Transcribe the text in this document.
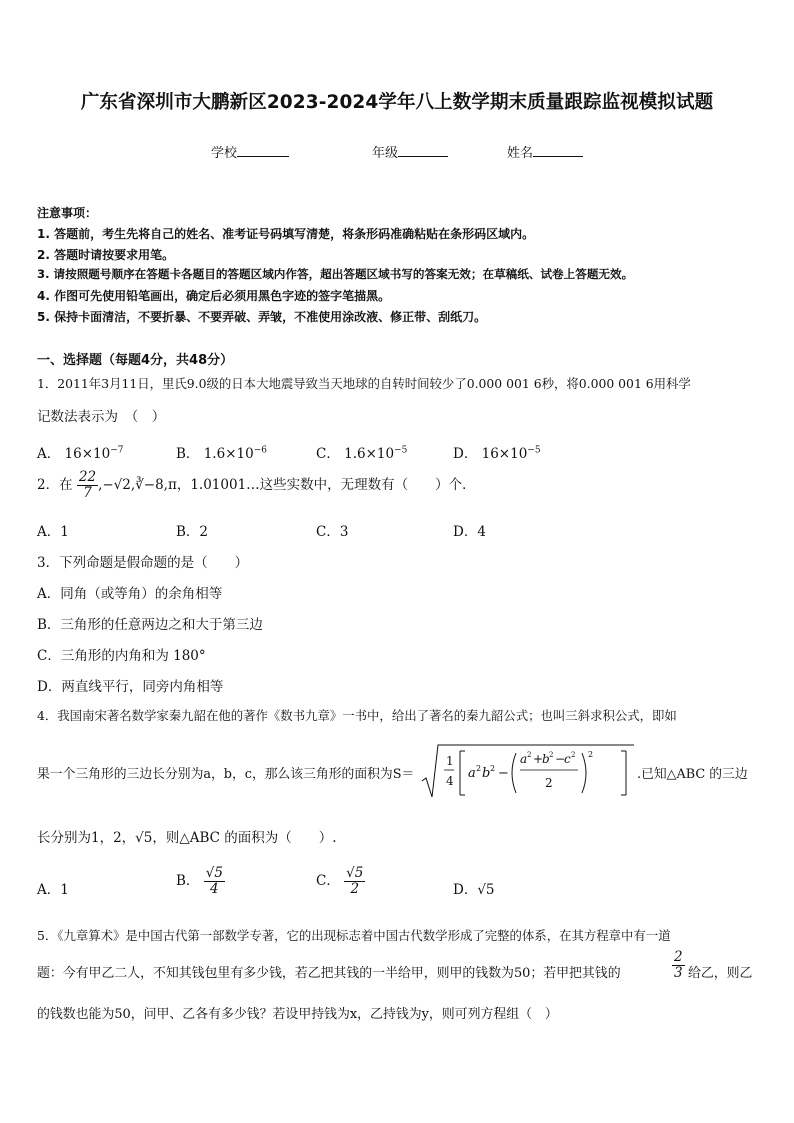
广东省深圳市大鹏新区2023-2024学年八上数学期末质量跟踪监视模拟试题
学校	年级	姓名
注意事项：
1. 答题前，考生先将自己的姓名、准考证号码填写清楚，将条形码准确粘贴在条形码区域内。
2. 答题时请按要求用笔。
3. 请按照题号顺序在答题卡各题目的答题区域内作答，超出答题区域书写的答案无效；在草稿纸、试卷上答题无效。
4. 作图可先使用铅笔画出，确定后必须用黑色字迹的签字笔描黑。
5. 保持卡面清洁，不要折暴、不要弄破、弄皱，不准使用涂改液、修正带、刮纸刀。
一、选择题（每题4分，共48分）
1．2011年3月11日，里氏9.0级的日本大地震导致当天地球的自转时间较少了0.000 001 6秒，将0.000 001 6用科学
记数法表示为　（　）
A． $16\times 10^{-7}$	B． $1.6\times 10^{-6}$	C． $1.6\times 10^{-5}$	D． $16\times 10^{-5}$
2．在 $\frac{22}{7}$ ,−√2,∛−8,π，1.01001…这些实数中，无理数有（　　）个．
A．1	B．2	C．3	D．4
3．下列命题是假命题的是（　　）
A．同角（或等角）的余角相等
B．三角形的任意两边之和大于第三边
C．三角形的内角和为 180°
D．两直线平行，同旁内角相等
4．我国南宋著名数学家秦九韶在他的著作《数书九章》一书中，给出了著名的秦九韶公式；也叫三斜求积公式，即如
果一个三角形的三边长分别为a，b，c，那么该三角形的面积为S＝
1
4 a 2 b 2 −
a 2 +
b 2 −
c 2
2
2
.已知△ABC 的三边
长分别为1，2，√5，则△ABC 的面积为（　　）.
A．1
B． $\frac{√5}{4}$	C． $\frac{√5}{2}$	D．√5
5．《九章算术》是中国古代第一部数学专著，它的出现标志着中国古代数学形成了完整的体系，在其方程章中有一道
题：今有甲乙二人，不知其钱包里有多少钱，若乙把其钱的一半给甲，则甲的钱数为50；若甲把其钱的	$\frac{2}{3}$ 给乙，则乙
的钱数也能为50，问甲、乙各有多少钱？若设甲持钱为x，乙持钱为y，则可列方程组（　）
